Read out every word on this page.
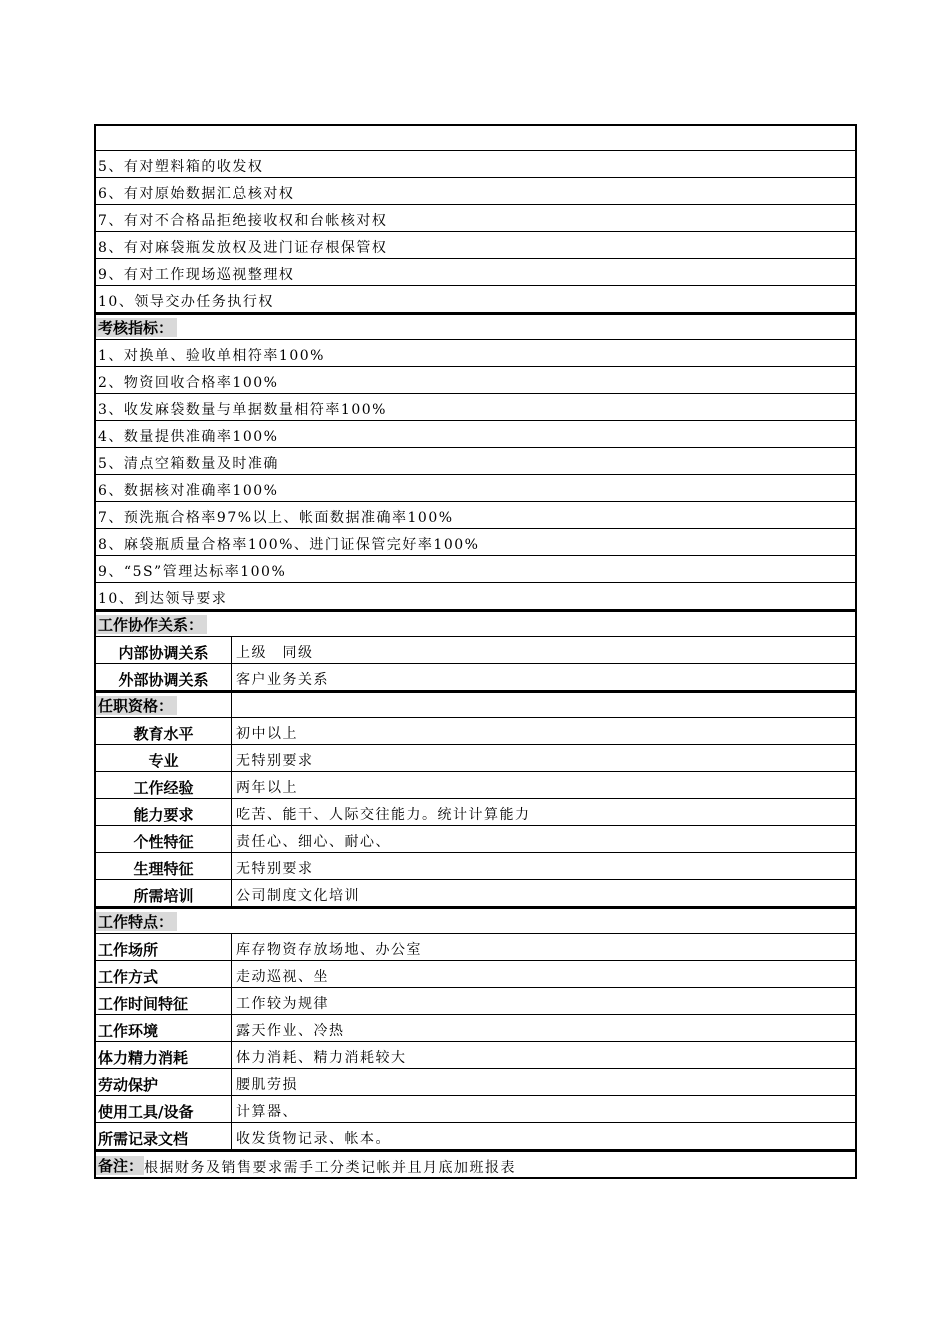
5、有对塑料箱的收发权
6、有对原始数据汇总核对权
7、有对不合格品拒绝接收权和台帐核对权
8、有对麻袋瓶发放权及进门证存根保管权
9、有对工作现场巡视整理权
10、领导交办任务执行权
考核指标：
1、对换单、验收单相符率100%
2、物资回收合格率100%
3、收发麻袋数量与单据数量相符率100%
4、数量提供准确率100%
5、清点空箱数量及时准确
6、数据核对准确率100%
7、预洗瓶合格率97%以上、帐面数据准确率100%
8、麻袋瓶质量合格率100%、进门证保管完好率100%
9、“5S”管理达标率100%
10、到达领导要求
工作协作关系：
内部协调关系	上级　同级
外部协调关系	客户业务关系
任职资格：
教育水平	初中以上
专业	无特别要求
工作经验	两年以上
能力要求	吃苦、能干、人际交往能力。统计计算能力
个性特征	责任心、细心、耐心、
生理特征	无特别要求
所需培训	公司制度文化培训
工作特点：
工作场所	库存物资存放场地、办公室
工作方式	走动巡视、坐
工作时间特征	工作较为规律
工作环境	露天作业、冷热
体力精力消耗	体力消耗、精力消耗较大
劳动保护	腰肌劳损
使用工具/设备	计算器、
所需记录文档	收发货物记录、帐本。
备注： 根据财务及销售要求需手工分类记帐并且月底加班报表
